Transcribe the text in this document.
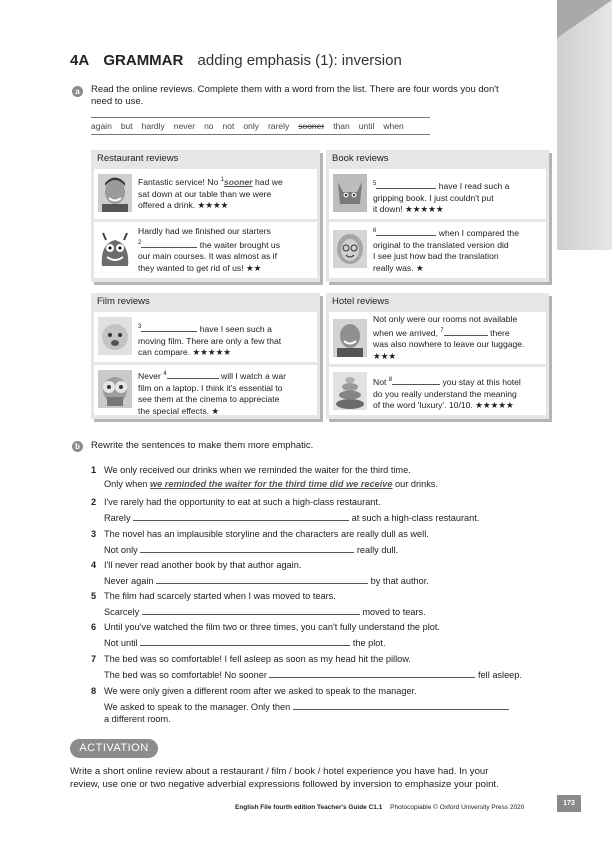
4A GRAMMAR adding emphasis (1): inversion
a	Read the online reviews. Complete them with a word from the list. There are four words you don't
need to use.
again but hardly never no not only rarely sooner than until when
Restaurant reviews
Fantastic service! No $^1$sooner had we
sat down at our table than we were
offered a drink. ★★★★
Hardly had we finished our starters
$^2$	the waiter brought us
our main courses. It was almost as if
they wanted to get rid of us! ★★
Book reviews
$^5$	have I read such a
gripping book. I just couldn't put
it down! ★★★★★
$^6$	when I compared the
original to the translated version did
I see just how bad the translation
really was. ★
Film reviews
$^3$	have I seen such a
moving film. There are only a few that
can compare. ★★★★★
Never $^4$	will I watch a war
film on a laptop. I think it's essential to
see them at the cinema to appreciate
the special effects. ★
Hotel reviews
Not only were our rooms not available
when we arrived, $^7$	there
was also nowhere to leave our luggage.
★★★
Not $^8$	you stay at this hotel
do you really understand the meaning
of the word 'luxury'. 10/10. ★★★★★
b	Rewrite the sentences to make them more emphatic.
1 We only received our drinks when we reminded the waiter for the third time.
Only when we reminded the waiter for the third time did we receive our drinks.
2 I've rarely had the opportunity to eat at such a high-class restaurant.
Rarely	at such a high-class restaurant.
3 The novel has an implausible storyline and the characters are really dull as well.
Not only	really dull.
4 I'll never read another book by that author again.
Never again	by that author.
5 The film had scarcely started when I was moved to tears.
Scarcely	moved to tears.
6 Until you've watched the film two or three times, you can't fully understand the plot.
Not until	the plot.
7 The bed was so comfortable! I fell asleep as soon as my head hit the pillow.
The bed was so comfortable! No sooner	fell asleep.
8 We were only given a different room after we asked to speak to the manager.
We asked to speak to the manager. Only then
a different room.
ACTIVATION
Write a short online review about a restaurant / film / book / hotel experience you have had. In your
review, use one or two negative adverbial expressions followed by inversion to emphasize your point.
English File fourth edition Teacher's Guide C1.1 Photocopiable © Oxford University Press 2020
173
